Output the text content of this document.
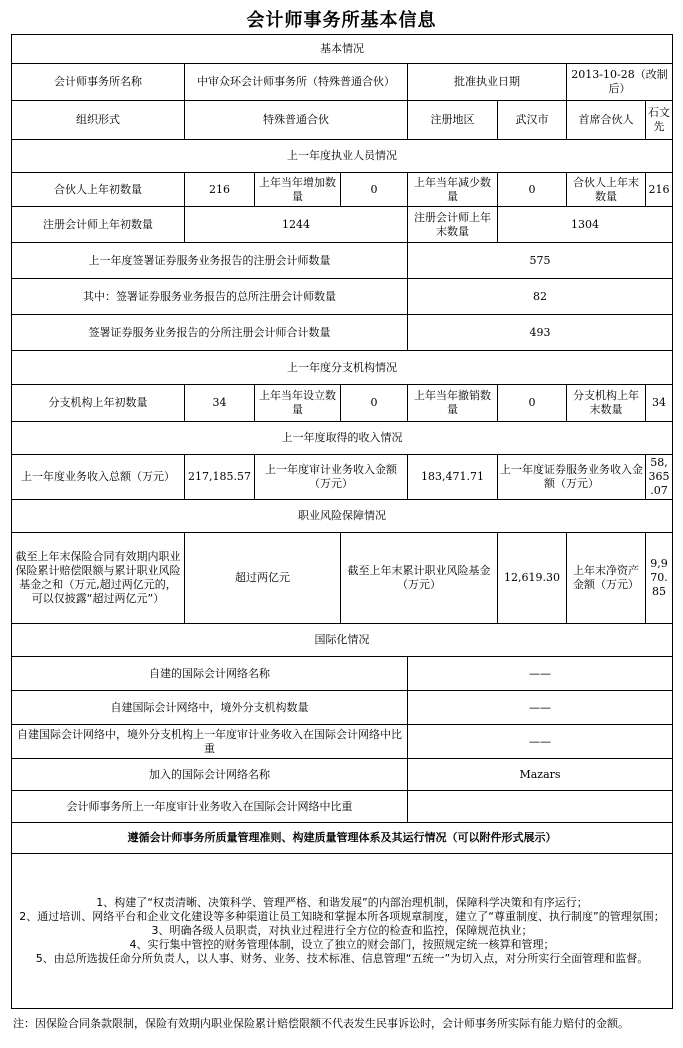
会计师事务所基本信息
基本情况							
会计师事务所名称	中审众环会计师事务所（特殊普通合伙）			批准执业日期		2013-10-28（改制后）	
组织形式	特殊普通合伙			注册地区	武汉市	首席合伙人	石文先
上一年度执业人员情况							
合伙人上年初数量	216	上年当年增加数量	0	上年当年减少数量	0	合伙人上年末数量	216
注册会计师上年初数量	1244			注册会计师上年末数量	1304		
上一年度签署证券服务业务报告的注册会计师数量				575			
其中：签署证券服务业务报告的总所注册会计师数量				82			
签署证券服务业务报告的分所注册会计师合计数量				493			
上一年度分支机构情况							
分支机构上年初数量	34	上年当年设立数量	0	上年当年撤销数量	0	分支机构上年末数量	34
上一年度取得的收入情况							
上一年度业务收入总额（万元）	217,185.57	上一年度审计业务收入金额（万元）		183,471.71	上一年度证券服务业务收入金额（万元）		58,365.07
职业风险保障情况							
截至上年末保险合同有效期内职业保险累计赔偿限额与累计职业风险基金之和（万元,超过两亿元的，可以仅披露“超过两亿元”）	超过两亿元		截至上年末累计职业风险基金（万元）		12,619.30	上年末净资产金额（万元）	9,970.85
国际化情况							
自建的国际会计网络名称				——			
自建国际会计网络中，境外分支机构数量				——			
自建国际会计网络中，境外分支机构上一年度审计业务收入在国际会计网络中比重				——			
加入的国际会计网络名称				Mazars			
会计师事务所上一年度审计业务收入在国际会计网络中比重							
遵循会计师事务所质量管理准则、构建质量管理体系及其运行情况（可以附件形式展示）							

1、构建了“权责清晰、决策科学、管理严格、和谐发展”的内部治理机制，保障科学决策和有序运行；
2、通过培训、网络平台和企业文化建设等多种渠道让员工知晓和掌握本所各项规章制度，建立了“尊重制度、执行制度”的管理氛围；
3、明确各级人员职责，对执业过程进行全方位的检查和监控，保障规范执业；
4、实行集中管控的财务管理体制，设立了独立的财会部门，按照规定统一核算和管理；
5、由总所选拔任命分所负责人，以人事、财务、业务、技术标准、信息管理“五统一”为切入点，对分所实行全面管理和监督。							
注：因保险合同条款限制，保险有效期内职业保险累计赔偿限额不代表发生民事诉讼时，会计师事务所实际有能力赔付的金额。
